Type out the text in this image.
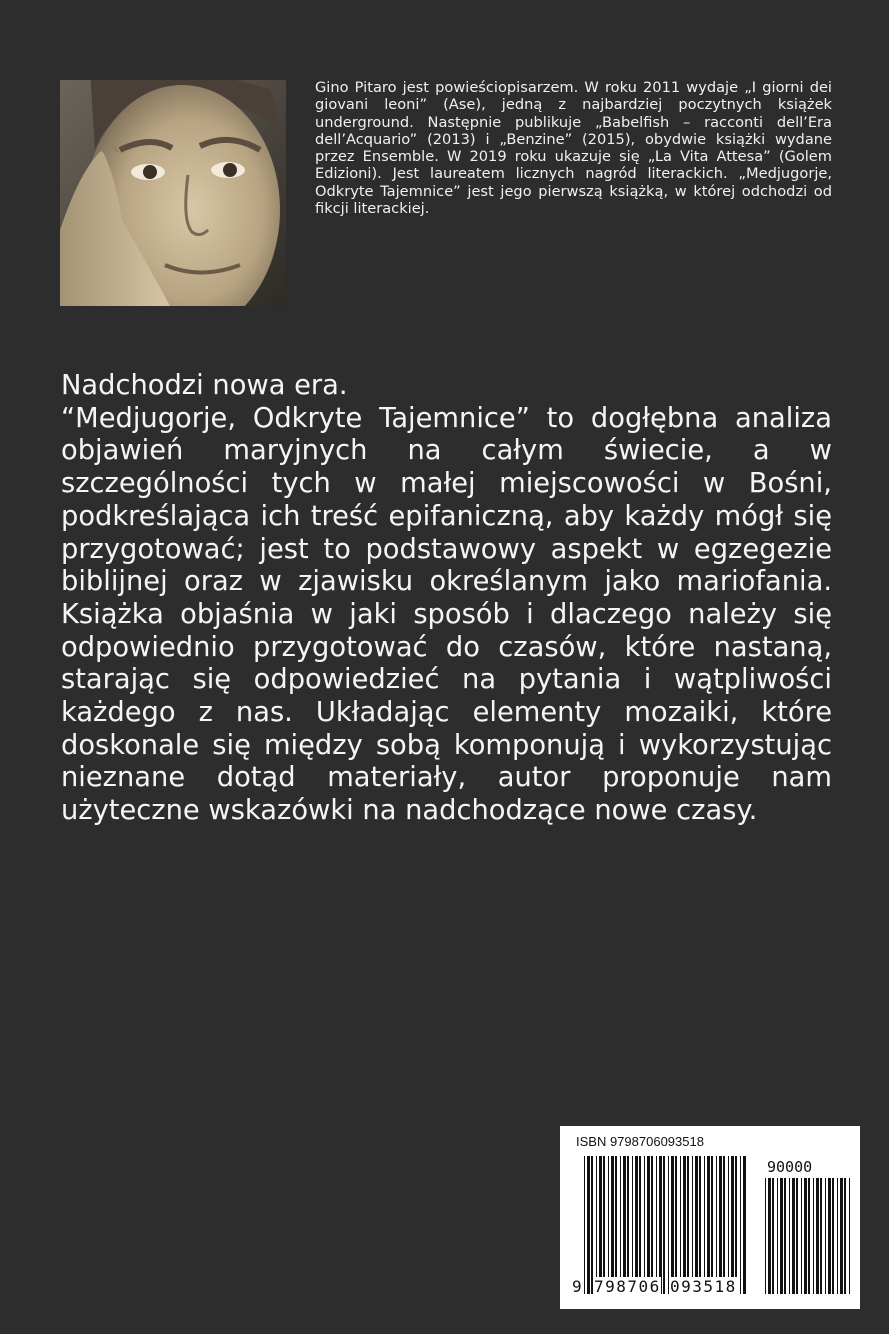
Gino Pitaro jest powieściopisarzem. W roku 2011 wydaje „I giorni dei giovani leoni” (Ase), jedną z najbardziej poczytnych książek underground. Następnie publikuje „Babelfish – racconti dell’Era dell’Acquario” (2013) i „Benzine” (2015), obydwie książki wydane przez Ensemble. W 2019 roku ukazuje się „La Vita Attesa” (Golem Edizioni). Jest laureatem licznych nagród literackich. „Medjugorje, Odkryte Tajemnice” jest jego pierwszą książką, w której odchodzi od fikcji literackiej.

Nadchodzi nowa era.

“Medjugorje, Odkryte Tajemnice” to dogłębna analiza objawień maryjnych na całym świecie, a w szczególności tych w małej miejscowości w Bośni, podkreślająca ich treść epifaniczną, aby każdy mógł się przygotować; jest to podstawowy aspekt w egzegezie biblijnej oraz w zjawisku określanym jako mariofania. Książka objaśnia w jaki sposób i dlaczego należy się odpowiednio przygotować do czasów, które nastaną, starając się odpowiedzieć na pytania i wątpliwości każdego z nas. Układając elementy mozaiki, które doskonale się między sobą komponują i wykorzystując nieznane dotąd materiały, autor proponuje nam użyteczne wskazówki na nadchodzące nowe czasy.

ISBN 9798706093518
90000
9 798706 093518
